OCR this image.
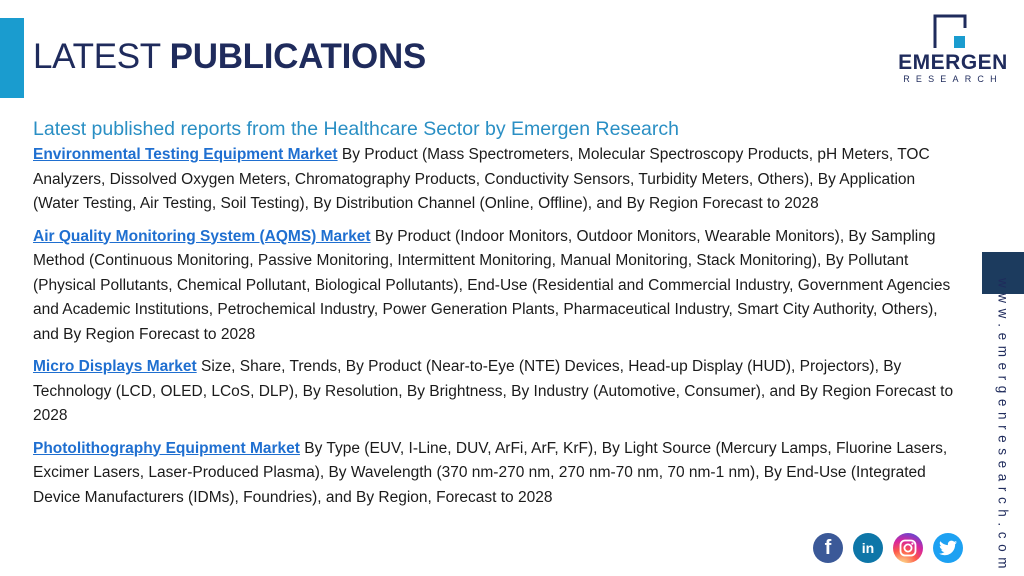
LATEST PUBLICATIONS	EMERGEN
RESEARCH
Latest published reports from the Healthcare Sector by Emergen Research

Environmental Testing Equipment Market By Product (Mass Spectrometers, Molecular Spectroscopy Products, pH Meters, TOC Analyzers, Dissolved Oxygen Meters, Chromatography Products, Conductivity Sensors, Turbidity Meters, Others), By Application (Water Testing, Air Testing, Soil Testing), By Distribution Channel (Online, Offline), and By Region Forecast to 2028

Air Quality Monitoring System (AQMS) Market By Product (Indoor Monitors, Outdoor Monitors, Wearable Monitors), By Sampling Method (Continuous Monitoring, Passive Monitoring, Intermittent Monitoring, Manual Monitoring, Stack Monitoring), By Pollutant (Physical Pollutants, Chemical Pollutant, Biological Pollutants), End-Use (Residential and Commercial Industry, Government Agencies and Academic Institutions, Petrochemical Industry, Power Generation Plants, Pharmaceutical Industry, Smart City Authority, Others), and By Region Forecast to 2028

Micro Displays Market Size, Share, Trends, By Product (Near-to-Eye (NTE) Devices, Head-up Display (HUD), Projectors), By Technology (LCD, OLED, LCoS, DLP), By Resolution, By Brightness, By Industry (Automotive, Consumer), and By Region Forecast to 2028

Photolithography Equipment Market By Type (EUV, I-Line, DUV, ArFi, ArF, KrF), By Light Source (Mercury Lamps, Fluorine Lasers, Excimer Lasers, Laser-Produced Plasma), By Wavelength (370 nm-270 nm, 270 nm-70 nm, 70 nm-1 nm), By End-Use (Integrated Device Manufacturers (IDMs), Foundries), and By Region, Forecast to 2028	www.emergenresearch.com
f in
